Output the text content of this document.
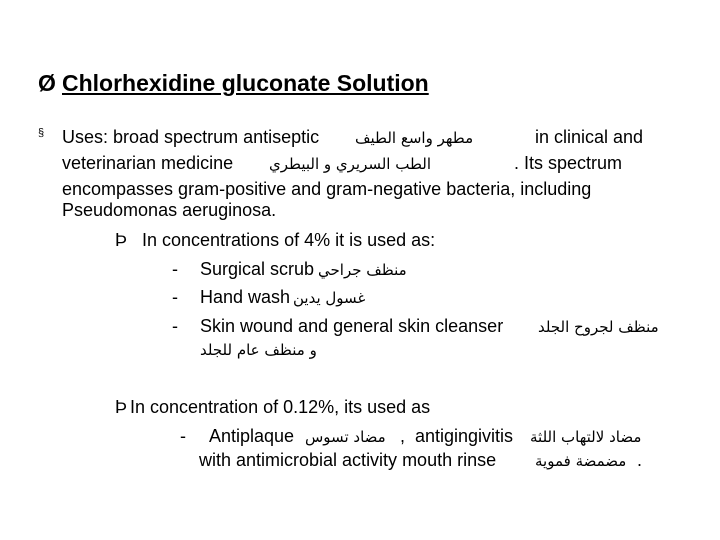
Ø Chlorhexidine gluconate Solution
§ Uses: broad spectrum antiseptic مطهر واسع الطيف	in clinical and
veterinarian medicine الطب السريري و البيطري	. Its spectrum
encompasses gram-positive and gram-negative bacteria, including
Pseudomonas aeruginosa.
Þ In concentrations of 4% it is used as:
- Surgical scrub منظف جراحي
- Hand wash غسول يدين
- Skin wound and general skin cleanser منظف لجروح الجلد
و منظف عام للجلد
Þ In concentration of 0.12%, its used as
- Antiplaque مضاد تسوس , antigingivitis مضاد لالتهاب اللثة
with antimicrobial activity mouth rinse	مضمضة فموية .
